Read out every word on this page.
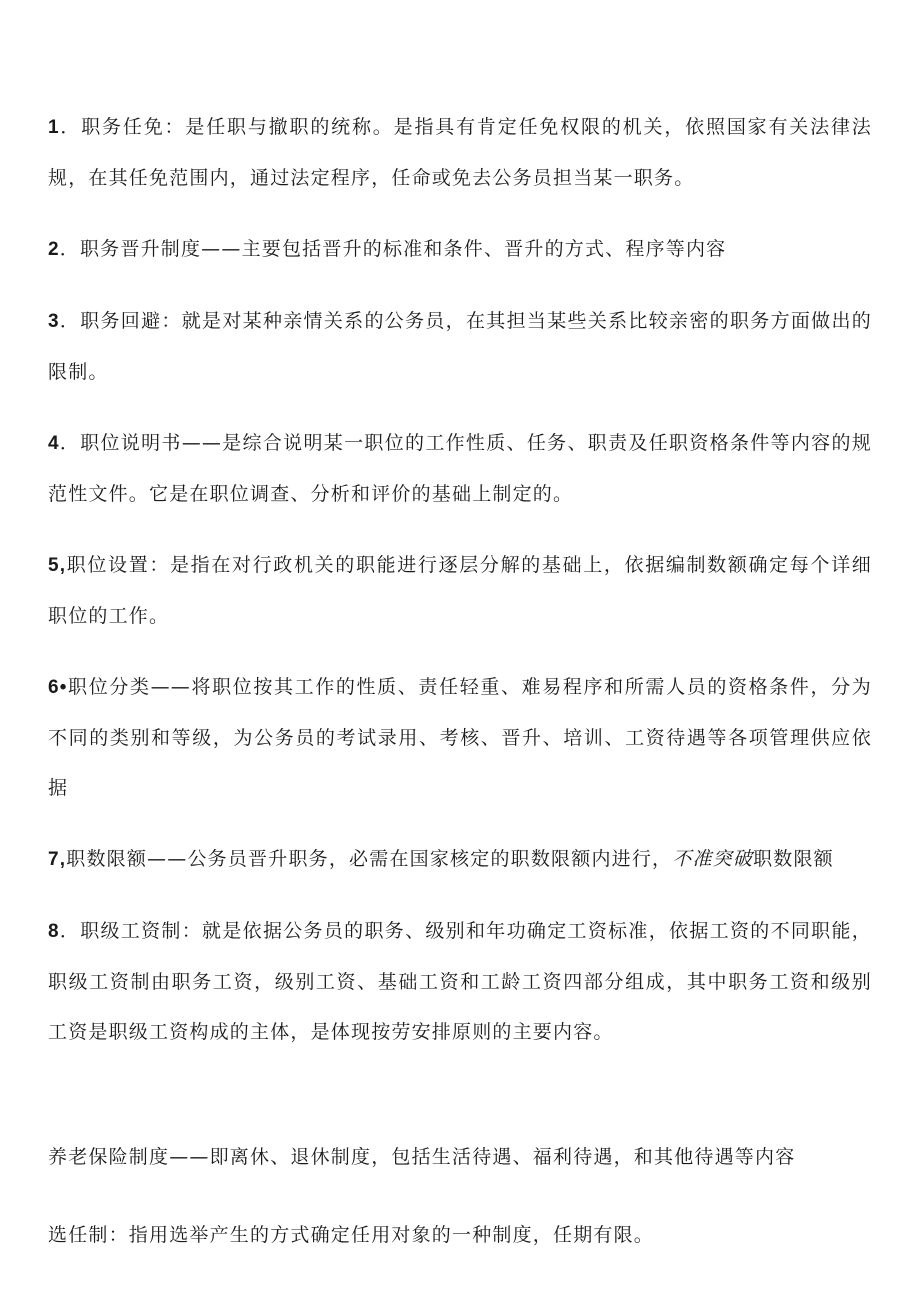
1．职务任免：是任职与撤职的统称。是指具有肯定任免权限的机关，依照国家有关法律法规，在其任免范围内，通过法定程序，任命或免去公务员担当某一职务。

2．职务晋升制度——主要包括晋升的标准和条件、晋升的方式、程序等内容

3．职务回避：就是对某种亲情关系的公务员，在其担当某些关系比较亲密的职务方面做出的限制。

4．职位说明书——是综合说明某一职位的工作性质、任务、职责及任职资格条件等内容的规范性文件。它是在职位调查、分析和评价的基础上制定的。

5,职位设置：是指在对行政机关的职能进行逐层分解的基础上，依据编制数额确定每个详细职位的工作。

6•职位分类——将职位按其工作的性质、责任轻重、难易程序和所需人员的资格条件，分为不同的类别和等级，为公务员的考试录用、考核、晋升、培训、工资待遇等各项管理供应依据

7,职数限额——公务员晋升职务，必需在国家核定的职数限额内进行，不准突破职数限额

8．职级工资制：就是依据公务员的职务、级别和年功确定工资标准，依据工资的不同职能，职级工资制由职务工资，级别工资、基础工资和工龄工资四部分组成，其中职务工资和级别工资是职级工资构成的主体，是体现按劳安排原则的主要内容。

养老保险制度——即离休、退休制度，包括生活待遇、福利待遇，和其他待遇等内容

选任制：指用选举产生的方式确定任用对象的一种制度，任期有限。
